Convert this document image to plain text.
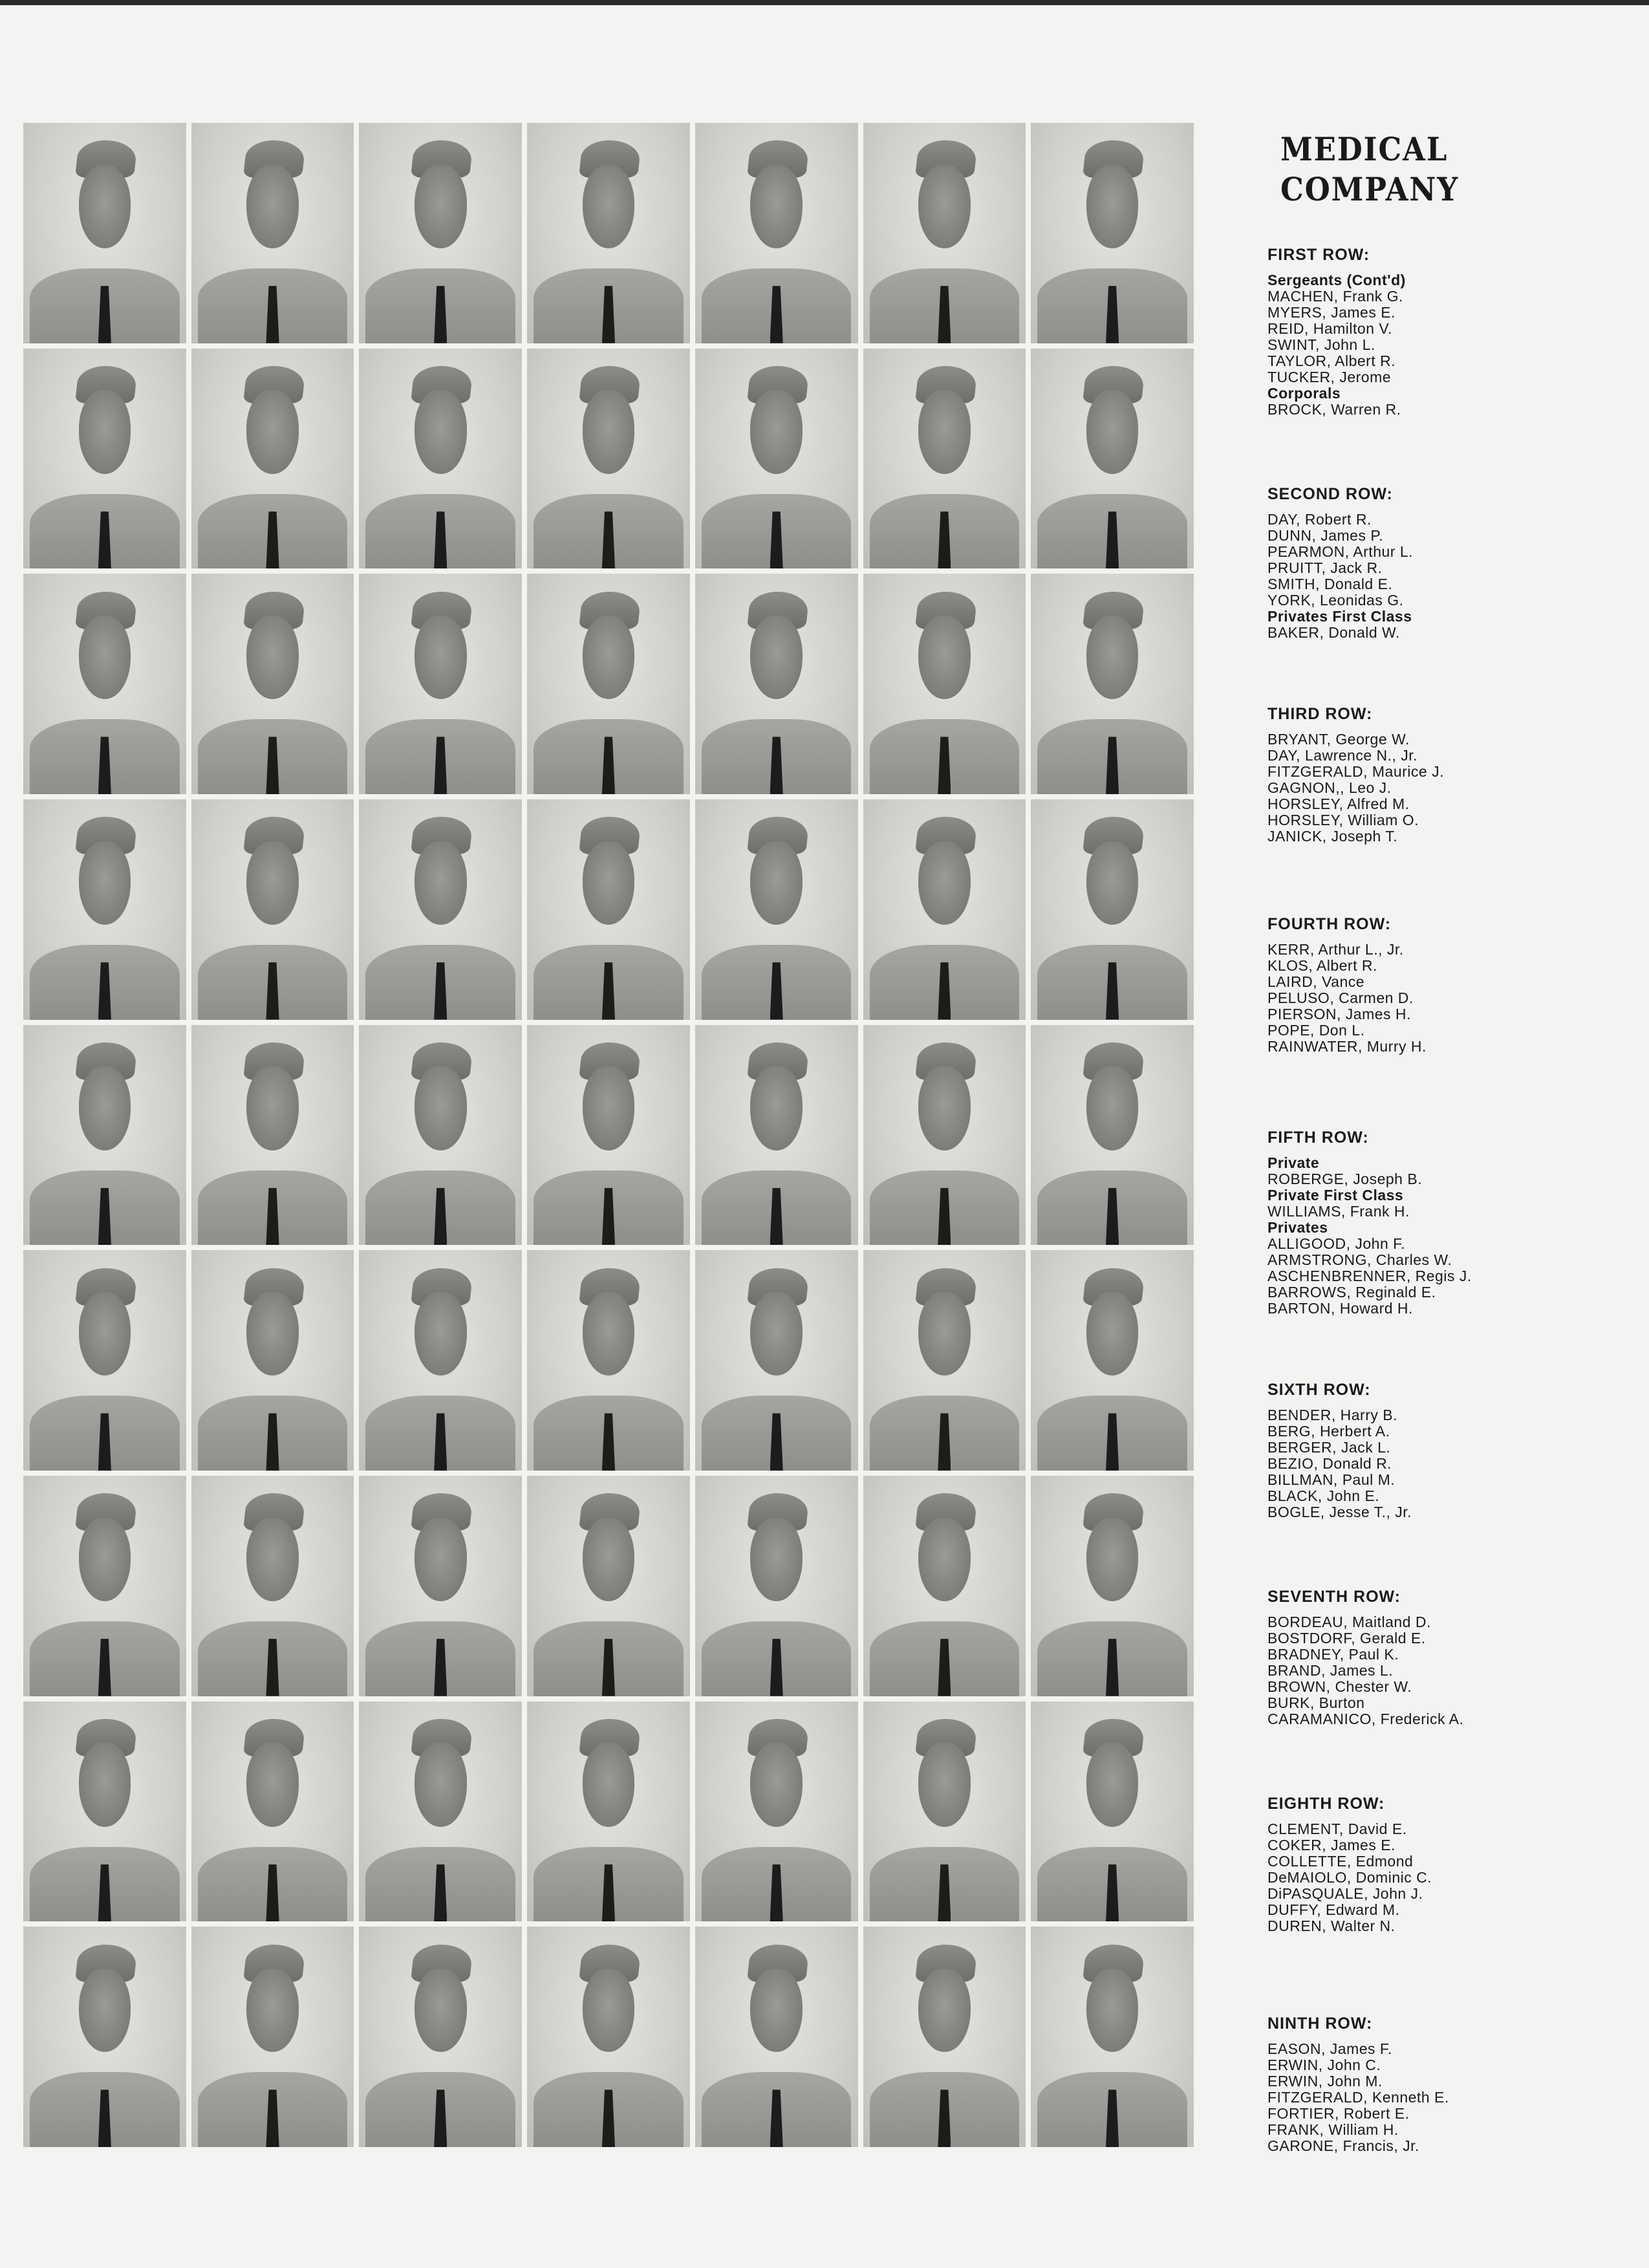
MEDICAL
COMPANY
FIRST ROW:
Sergeants (Cont'd)
MACHEN, Frank G.
MYERS, James E.
REID, Hamilton V.
SWINT, John L.
TAYLOR, Albert R.
TUCKER, Jerome
Corporals
BROCK, Warren R.
SECOND ROW:
DAY, Robert R.
DUNN, James P.
PEARMON, Arthur L.
PRUITT, Jack R.
SMITH, Donald E.
YORK, Leonidas G.
Privates First Class
BAKER, Donald W.
THIRD ROW:
BRYANT, George W.
DAY, Lawrence N., Jr.
FITZGERALD, Maurice J.
GAGNON,, Leo J.
HORSLEY, Alfred M.
HORSLEY, William O.
JANICK, Joseph T.
FOURTH ROW:
KERR, Arthur L., Jr.
KLOS, Albert R.
LAIRD, Vance
PELUSO, Carmen D.
PIERSON, James H.
POPE, Don L.
RAINWATER, Murry H.
FIFTH ROW:
Private
ROBERGE, Joseph B.
Private First Class
WILLIAMS, Frank H.
Privates
ALLIGOOD, John F.
ARMSTRONG, Charles W.
ASCHENBRENNER, Regis J.
BARROWS, Reginald E.
BARTON, Howard H.
SIXTH ROW:
BENDER, Harry B.
BERG, Herbert A.
BERGER, Jack L.
BEZIO, Donald R.
BILLMAN, Paul M.
BLACK, John E.
BOGLE, Jesse T., Jr.
SEVENTH ROW:
BORDEAU, Maitland D.
BOSTDORF, Gerald E.
BRADNEY, Paul K.
BRAND, James L.
BROWN, Chester W.
BURK, Burton
CARAMANICO, Frederick A.
EIGHTH ROW:
CLEMENT, David E.
COKER, James E.
COLLETTE, Edmond
DeMAIOLO, Dominic C.
DiPASQUALE, John J.
DUFFY, Edward M.
DUREN, Walter N.
NINTH ROW:
EASON, James F.
ERWIN, John C.
ERWIN, John M.
FITZGERALD, Kenneth E.
FORTIER, Robert E.
FRANK, William H.
GARONE, Francis, Jr.
